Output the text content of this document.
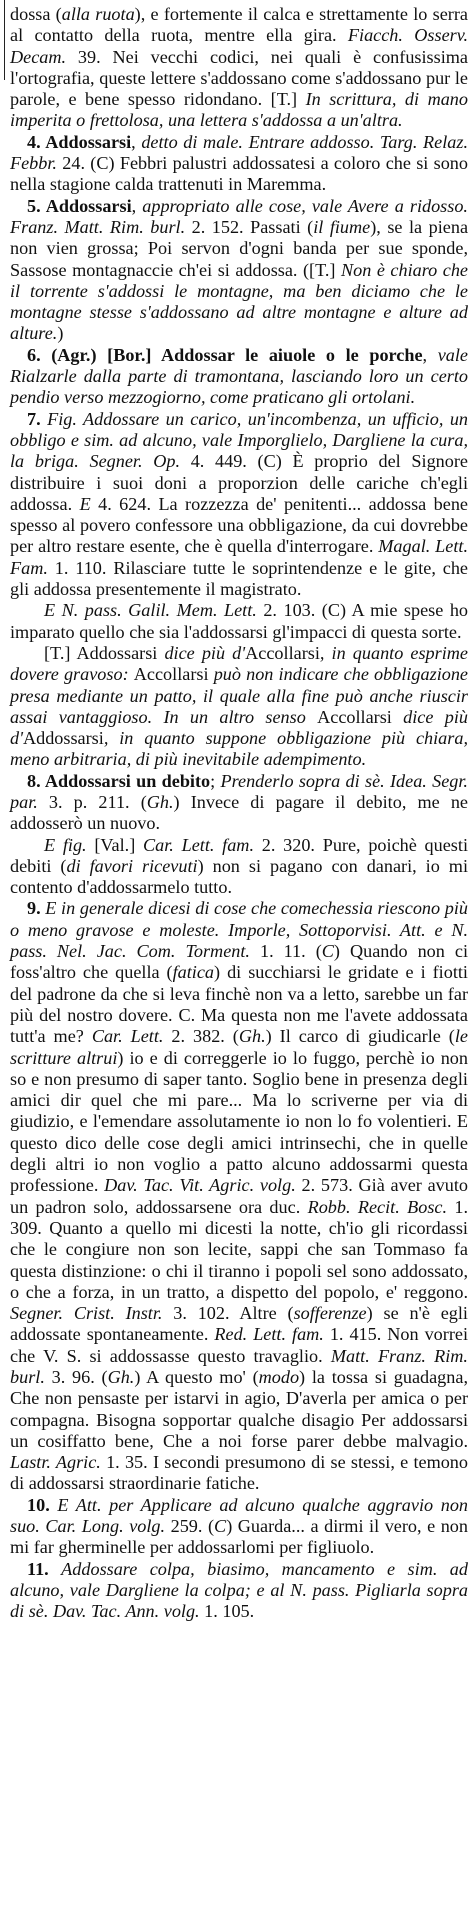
dossa (alla ruota), e fortemente il calca e strettamente lo serra al contatto della ruota, mentre ella gira. Fiacch. Osserv. Decam. 39. Nei vecchi codici, nei quali è confusissima l'ortografia, queste lettere s'addossano come s'addossano pur le parole, e bene spesso ridondano. [T.] In scrittura, di mano imperita o frettolosa, una lettera s'addossa a un'altra.

4. Addossarsi, detto di male. Entrare addosso. Targ. Relaz. Febbr. 24. (C) Febbri palustri addossatesi a coloro che si sono nella stagione calda trattenuti in Maremma.

5. Addossarsi, appropriato alle cose, vale Avere a ridosso. Franz. Matt. Rim. burl. 2. 152. Passati (il fiume), se la piena non vien grossa; Poi servon d'ogni banda per sue sponde, Sassose montagnaccie ch'ei si addossa. ([T.] Non è chiaro che il torrente s'addossi le montagne, ma ben diciamo che le montagne stesse s'addossano ad altre montagne e alture ad alture.)

6. (Agr.) [Bor.] Addossar le aiuole o le porche, vale Rialzarle dalla parte di tramontana, lasciando loro un certo pendio verso mezzogiorno, come praticano gli ortolani.

7. Fig. Addossare un carico, un'incombenza, un ufficio, un obbligo e sim. ad alcuno, vale Imporglielo, Dargliene la cura, la briga. Segner. Op. 4. 449. (C) È proprio del Signore distribuire i suoi doni a proporzion delle cariche ch'egli addossa. E 4. 624. La rozzezza de' penitenti... addossa bene spesso al povero confessore una obbligazione, da cui dovrebbe per altro restare esente, che è quella d'interrogare. Magal. Lett. Fam. 1. 110. Rilasciare tutte le soprintendenze e le gite, che gli addossa presentemente il magistrato.

E N. pass. Galil. Mem. Lett. 2. 103. (C) A mie spese ho imparato quello che sia l'addossarsi gl'impacci di questa sorte.

[T.] Addossarsi dice più d'Accollarsi, in quanto esprime dovere gravoso: Accollarsi può non indicare che obbligazione presa mediante un patto, il quale alla fine può anche riuscir assai vantaggioso. In un altro senso Accollarsi dice più d'Addossarsi, in quanto suppone obbligazione più chiara, meno arbitraria, di più inevitabile adempimento.

8. Addossarsi un debito; Prenderlo sopra di sè. Idea. Segr. par. 3. p. 211. (Gh.) Invece di pagare il debito, me ne addosserò un nuovo.

E fig. [Val.] Car. Lett. fam. 2. 320. Pure, poichè questi debiti (di favori ricevuti) non si pagano con danari, io mi contento d'addossarmelo tutto.

9. E in generale dicesi di cose che comechessia riescono più o meno gravose e moleste. Imporle, Sottoporvisi. Att. e N. pass. Nel. Jac. Com. Torment. 1. 11. (C) Quando non ci foss'altro che quella (fatica) di succhiarsi le gridate e i fiotti del padrone da che si leva finchè non va a letto, sarebbe un far più del nostro dovere. C. Ma questa non me l'avete addossata tutt'a me? Car. Lett. 2. 382. (Gh.) Il carco di giudicarle (le scritture altrui) io e di correggerle io lo fuggo, perchè io non so e non presumo di saper tanto. Soglio bene in presenza degli amici dir quel che mi pare... Ma lo scriverne per via di giudizio, e l'emendare assolutamente io non lo fo volentieri. E questo dico delle cose degli amici intrinsechi, che in quelle degli altri io non voglio a patto alcuno addossarmi questa professione. Dav. Tac. Vit. Agric. volg. 2. 573. Già aver avuto un padron solo, addossarsene ora duc. Robb. Recit. Bosc. 1. 309. Quanto a quello mi dicesti la notte, ch'io gli ricordassi che le congiure non son lecite, sappi che san Tommaso fa questa distinzione: o chi il tiranno i popoli sel sono addossato, o che a forza, in un tratto, a dispetto del popolo, e' reggono. Segner. Crist. Instr. 3. 102. Altre (sofferenze) se n'è egli addossate spontaneamente. Red. Lett. fam. 1. 415. Non vorrei che V. S. si addossasse questo travaglio. Matt. Franz. Rim. burl. 3. 96. (Gh.) A questo mo' (modo) la tossa si guadagna, Che non pensaste per istarvi in agio, D'averla per amica o per compagna. Bisogna sopportar qualche disagio Per addossarsi un cosiffatto bene, Che a noi forse parer debbe malvagio. Lastr. Agric. 1. 35. I secondi presumono di se stessi, e temono di addossarsi straordinarie fatiche.

10. E Att. per Applicare ad alcuno qualche aggravio non suo. Car. Long. volg. 259. (C) Guarda... a dirmi il vero, e non mi far gherminelle per addossarlomi per figliuolo.

11. Addossare colpa, biasimo, mancamento e sim. ad alcuno, vale Dargliene la colpa; e al N. pass. Pigliarla sopra di sè. Dav. Tac. Ann. volg. 1. 105.
